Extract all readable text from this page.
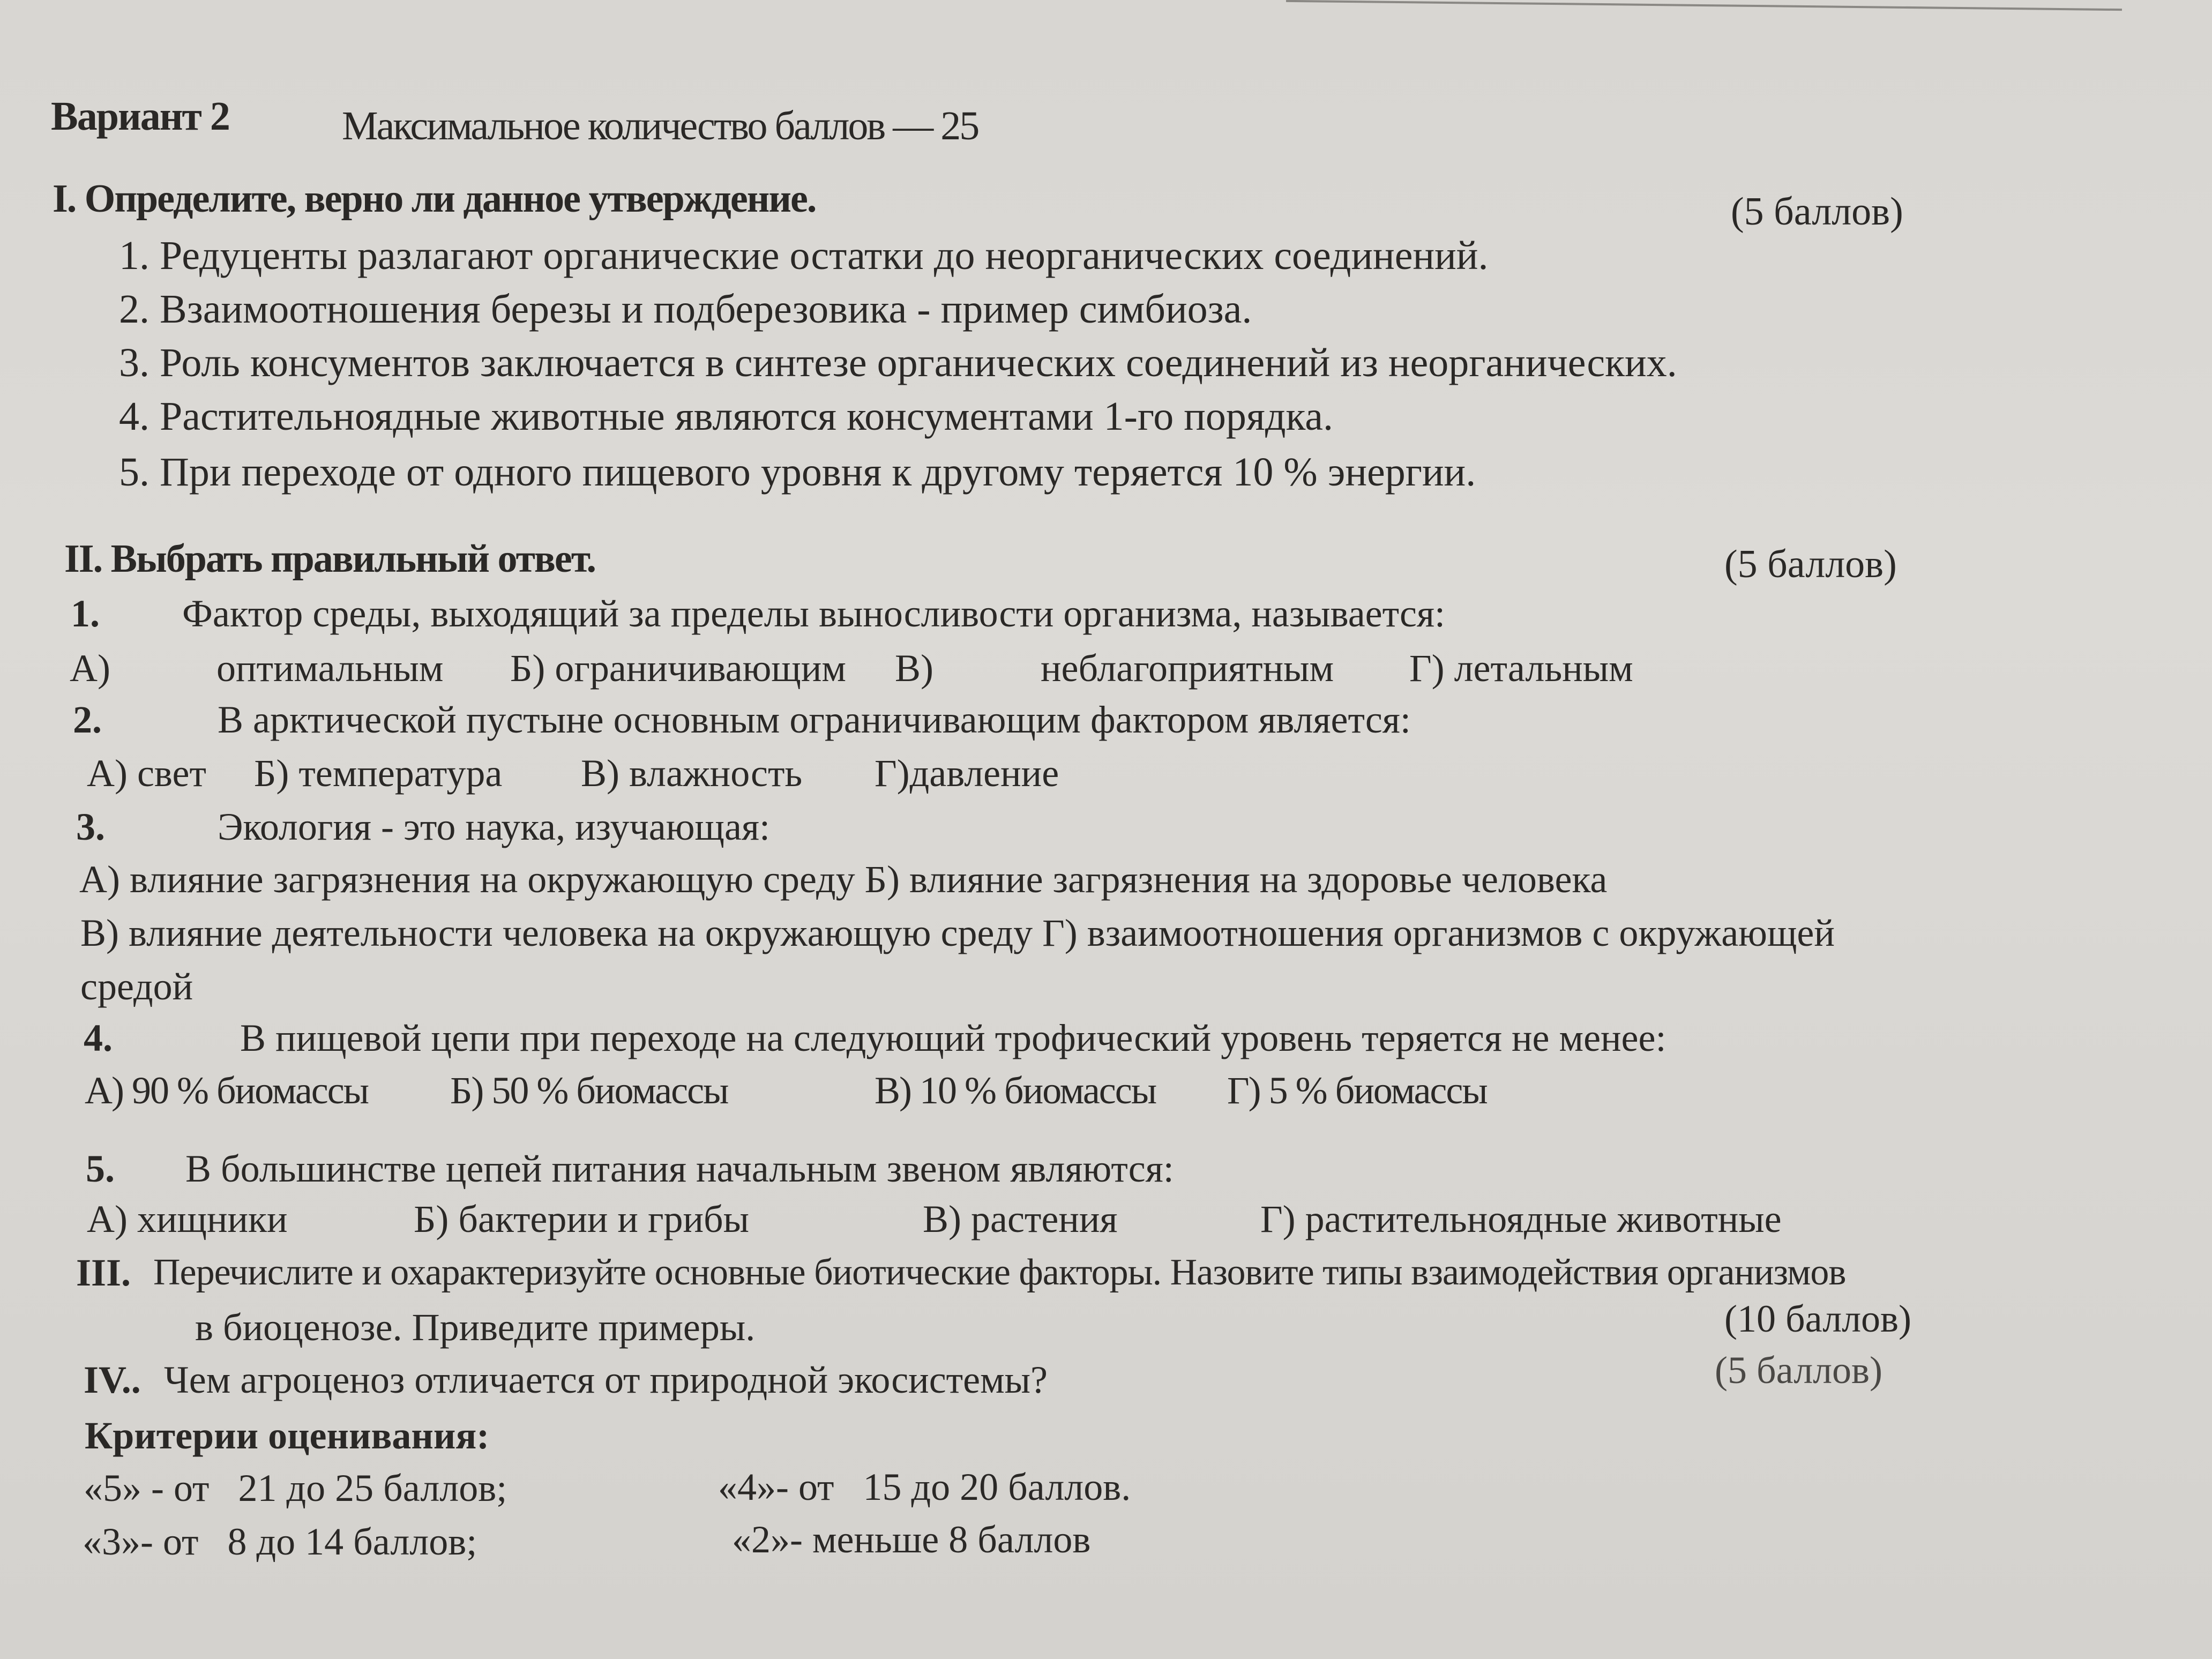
Вариант 2	Максимальное количество баллов — 25
I. Определите, верно ли данное утверждение.	(5 баллов)
1. Редуценты разлагают органические остатки до неорганических соединений.
2. Взаимоотношения березы и подберезовика - пример симбиоза.
3. Роль консументов заключается в синтезе органических соединений из неорганических.
4. Растительноядные животные являются консументами 1-го порядка.
5. При переходе от одного пищевого уровня к другому теряется 10 % энергии.
II. Выбрать правильный ответ.	(5 баллов)
1. Фактор среды, выходящий за пределы выносливости организма, называется:
А)	оптимальным Б) ограничивающим В)	неблагоприятным Г) летальным
2.	В арктической пустыне основным ограничивающим фактором является:
А) свет Б) температура В) влажность Г)давление
3.	Экология - это наука, изучающая:
А) влияние загрязнения на окружающую среду Б) влияние загрязнения на здоровье человека
В) влияние деятельности человека на окружающую среду Г) взаимоотношения организмов с окружающей
средой
4.	В пищевой цепи при переходе на следующий трофический уровень теряется не менее:
А) 90 % биомассы Б) 50 % биомассы	В) 10 % биомассы Г) 5 % биомассы
5. В большинстве цепей питания начальным звеном являются:
А) хищники	Б) бактерии и грибы	В) растения	Г) растительноядные животные
III. Перечислите и охарактеризуйте основные биотические факторы. Назовите типы взаимодействия организмов
в биоценозе. Приведите примеры.	(10 баллов)
IV.. Чем агроценоз отличается от природной экосистемы?	(5 баллов)
Критерии оценивания:
«5» - от   21 до 25 баллов;	«4»- от   15 до 20 баллов.
«3»- от   8 до 14 баллов;	«2»- меньше 8 баллов
